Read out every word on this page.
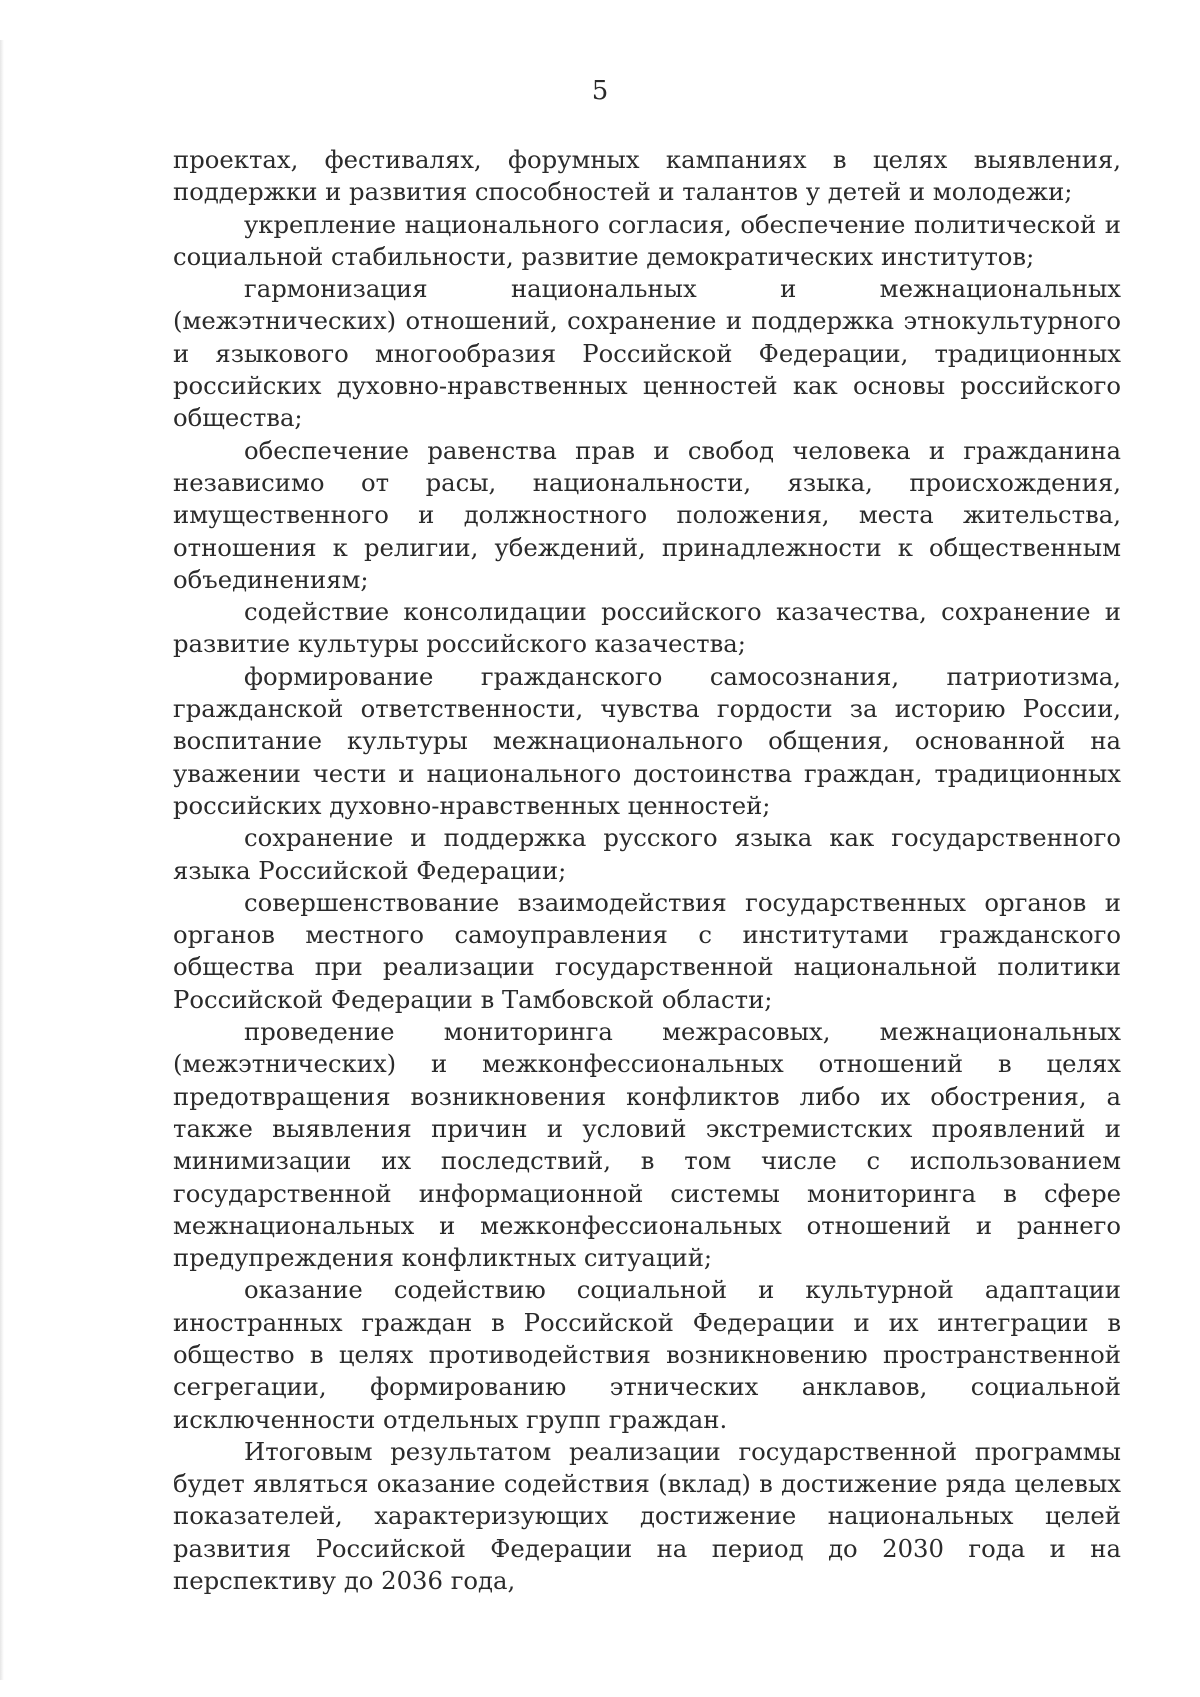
5

проектах, фестивалях, форумных кампаниях в целях выявления, поддержки и развития способностей и талантов у детей и молодежи;

укрепление национального согласия, обеспечение политической и социальной стабильности, развитие демократических институтов;

гармонизация национальных и межнациональных (межэтнических) отношений, сохранение и поддержка этнокультурного и языкового многообразия Российской Федерации, традиционных российских духовно-нравственных ценностей как основы российского общества;

обеспечение равенства прав и свобод человека и гражданина независимо от расы, национальности, языка, происхождения, имущественного и должностного положения, места жительства, отношения к религии, убеждений, принадлежности к общественным объединениям;

содействие консолидации российского казачества, сохранение и развитие культуры российского казачества;

формирование гражданского самосознания, патриотизма, гражданской ответственности, чувства гордости за историю России, воспитание культуры межнационального общения, основанной на уважении чести и национального достоинства граждан, традиционных российских духовно-нравственных ценностей;

сохранение и поддержка русского языка как государственного языка Российской Федерации;

совершенствование взаимодействия государственных органов и органов местного самоуправления с институтами гражданского общества при реализации государственной национальной политики Российской Федерации в Тамбовской области;

проведение мониторинга межрасовых, межнациональных (межэтнических) и межконфессиональных отношений в целях предотвращения возникновения конфликтов либо их обострения, а также выявления причин и условий экстремистских проявлений и минимизации их последствий, в том числе с использованием государственной информационной системы мониторинга в сфере межнациональных и межконфессиональных отношений и раннего предупреждения конфликтных ситуаций;

оказание содействию социальной и культурной адаптации иностранных граждан в Российской Федерации и их интеграции в общество в целях противодействия возникновению пространственной сегрегации, формированию этнических анклавов, социальной исключенности отдельных групп граждан.

Итоговым результатом реализации государственной программы будет являться оказание содействия (вклад) в достижение ряда целевых показателей, характеризующих достижение национальных целей развития Российской Федерации на период до 2030 года и на перспективу до 2036 года,
